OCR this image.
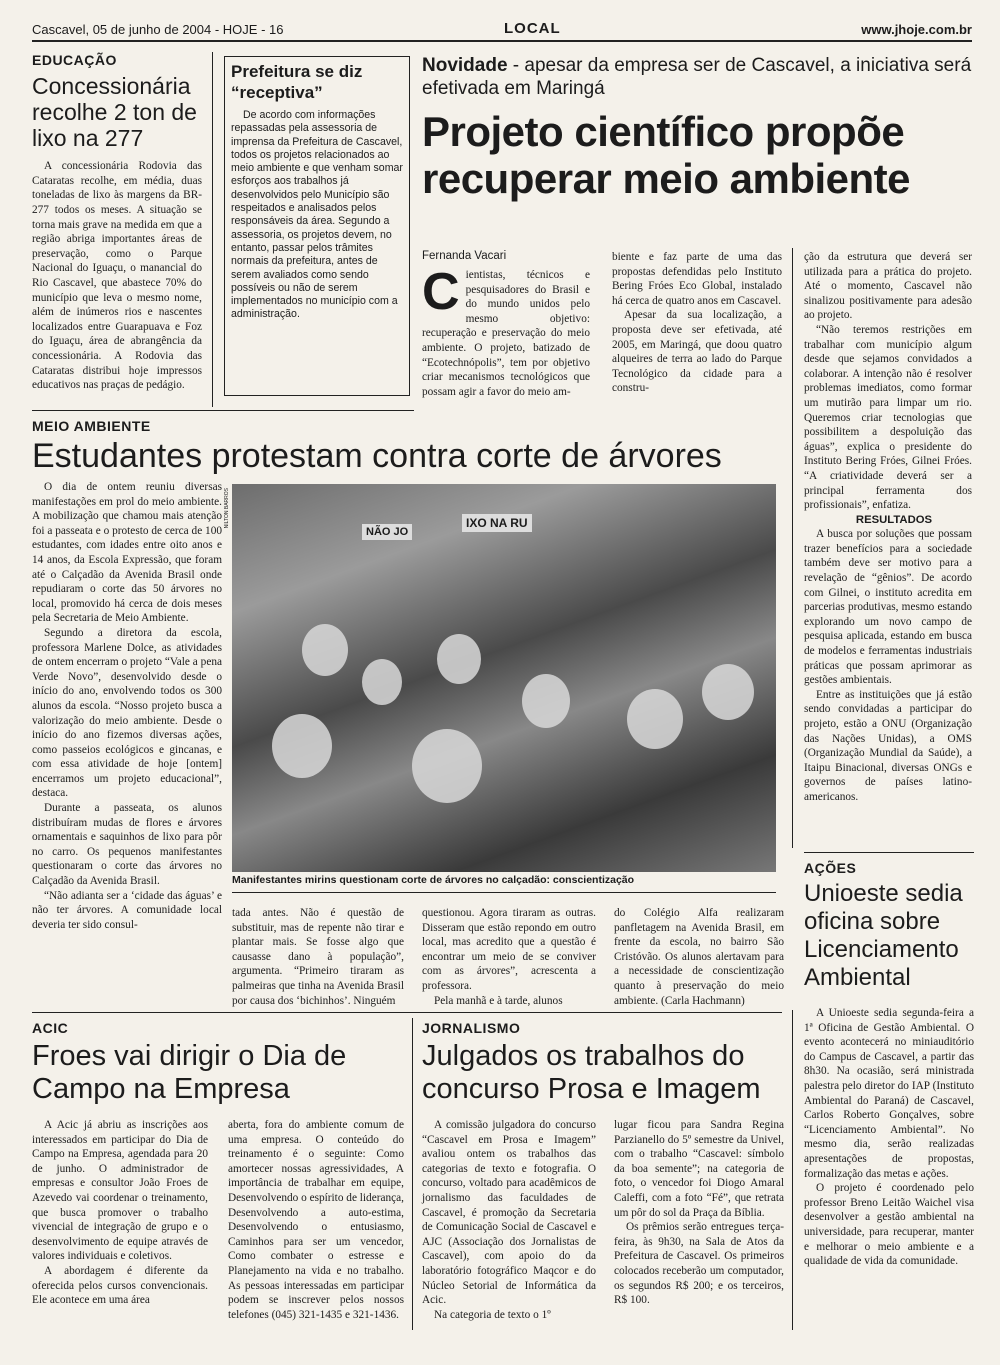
Cascavel, 05 de junho de 2004 - HOJE - 16	LOCAL	www.jhoje.com.br
EDUCAÇÃO
Concessionária recolhe 2 ton de lixo na 277

A concessionária Rodovia das Cataratas recolhe, em média, duas toneladas de lixo às margens da BR-277 todos os meses. A situação se torna mais grave na medida em que a região abriga importantes áreas de preservação, como o Parque Nacional do Iguaçu, o manancial do Rio Cascavel, que abastece 70% do município que leva o mesmo nome, além de inúmeros rios e nascentes localizados entre Guarapuava e Foz do Iguaçu, área de abrangência da concessionária. A Rodovia das Cataratas distribui hoje impressos educativos nas praças de pedágio.

Prefeitura se diz “receptiva”

De acordo com informações repassadas pela assessoria de imprensa da Prefeitura de Cascavel, todos os projetos relacionados ao meio ambiente e que venham somar esforços aos trabalhos já desenvolvidos pelo Município são respeitados e analisados pelos responsáveis da área. Segundo a assessoria, os projetos devem, no entanto, passar pelos trâmites normais da prefeitura, antes de serem avaliados como sendo possíveis ou não de serem implementados no município com a administração.

Novidade - apesar da empresa ser de Cascavel, a iniciativa será efetivada em Maringá
Projeto científico propõe recuperar meio ambiente
Fernanda Vacari
C ientistas, técnicos e pesquisadores do Brasil e do mundo unidos pelo mesmo objetivo: recuperação e preservação do meio ambiente. O projeto, batizado de “Ecotechnópolis”, tem por objetivo criar mecanismos tecnológicos que possam agir a favor do meio am-

biente e faz parte de uma das propostas defendidas pelo Instituto Bering Fróes Eco Global, instalado há cerca de quatro anos em Cascavel.

Apesar da sua localização, a proposta deve ser efetivada, até 2005, em Maringá, que doou quatro alqueires de terra ao lado do Parque Tecnológico da cidade para a constru-

ção da estrutura que deverá ser utilizada para a prática do projeto. Até o momento, Cascavel não sinalizou positivamente para adesão ao projeto.

“Não teremos restrições em trabalhar com município algum desde que sejamos convidados a colaborar. A intenção não é resolver problemas imediatos, como formar um mutirão para limpar um rio. Queremos criar tecnologias que possibilitem a despoluição das águas”, explica o presidente do Instituto Bering Fróes, Gilnei Fróes. “A criatividade deverá ser a principal ferramenta dos profissionais”, enfatiza.

RESULTADOS

A busca por soluções que possam trazer benefícios para a sociedade também deve ser motivo para a revelação de “gênios”. De acordo com Gilnei, o instituto acredita em parcerias produtivas, mesmo estando explorando um novo campo de pesquisa aplicada, estando em busca de modelos e ferramentas industriais práticas que possam aprimorar as gestões ambientais.

Entre as instituições que já estão sendo convidadas a participar do projeto, estão a ONU (Organização das Nações Unidas), a OMS (Organização Mundial da Saúde), a Itaipu Binacional, diversas ONGs e governos de países latino-americanos.

MEIO AMBIENTE
Estudantes protestam contra corte de árvores

O dia de ontem reuniu diversas manifestações em prol do meio ambiente. A mobilização que chamou mais atenção foi a passeata e o protesto de cerca de 100 estudantes, com idades entre oito anos e 14 anos, da Escola Expressão, que foram até o Calçadão da Avenida Brasil onde repudiaram o corte das 50 árvores no local, promovido há cerca de dois meses pela Secretaria de Meio Ambiente.

Segundo a diretora da escola, professora Marlene Dolce, as atividades de ontem encerram o projeto “Vale a pena Verde Novo”, desenvolvido desde o início do ano, envolvendo todos os 300 alunos da escola. “Nosso projeto busca a valorização do meio ambiente. Desde o início do ano fizemos diversas ações, como passeios ecológicos e gincanas, e com essa atividade de hoje [ontem] encerramos um projeto educacional”, destaca.

Durante a passeata, os alunos distribuíram mudas de flores e árvores ornamentais e saquinhos de lixo para pôr no carro. Os pequenos manifestantes questionaram o corte das árvores no Calçadão da Avenida Brasil.

“Não adianta ser a ‘cidade das águas’ e não ter árvores. A comunidade local deveria ter sido consul-

NÃO JO
IXO NA RU
NILTON BARROS
Manifestantes mirins questionam corte de árvores no calçadão: conscientização

tada antes. Não é questão de substituir, mas de repente não tirar e plantar mais. Se fosse algo que causasse dano à população”, argumenta. “Primeiro tiraram as palmeiras que tinha na Avenida Brasil por causa dos ‘bichinhos’. Ninguém

questionou. Agora tiraram as outras. Disseram que estão repondo em outro local, mas acredito que a questão é encontrar um meio de se conviver com as árvores”, acrescenta a professora.

Pela manhã e à tarde, alunos

do Colégio Alfa realizaram panfletagem na Avenida Brasil, em frente da escola, no bairro São Cristóvão. Os alunos alertavam para a necessidade de conscientização quanto à preservação do meio ambiente. (Carla Hachmann)

AÇÕES
Unioeste sedia oficina sobre Licenciamento Ambiental

A Unioeste sedia segunda-feira a 1ª Oficina de Gestão Ambiental. O evento acontecerá no miniauditório do Campus de Cascavel, a partir das 8h30. Na ocasião, será ministrada palestra pelo diretor do IAP (Instituto Ambiental do Paraná) de Cascavel, Carlos Roberto Gonçalves, sobre “Licenciamento Ambiental”. No mesmo dia, serão realizadas apresentações de propostas, formalização das metas e ações.

O projeto é coordenado pelo professor Breno Leitão Waichel visa desenvolver a gestão ambiental na universidade, para recuperar, manter e melhorar o meio ambiente e a qualidade de vida da comunidade.

ACIC
Froes vai dirigir o Dia de Campo na Empresa

A Acic já abriu as inscrições aos interessados em participar do Dia de Campo na Empresa, agendada para 20 de junho. O administrador de empresas e consultor João Froes de Azevedo vai coordenar o treinamento, que busca promover o trabalho vivencial de integração de grupo e o desenvolvimento de equipe através de valores individuais e coletivos.

A abordagem é diferente da oferecida pelos cursos convencionais. Ele acontece em uma área

aberta, fora do ambiente comum de uma empresa. O conteúdo do treinamento é o seguinte: Como amortecer nossas agressividades, A importância de trabalhar em equipe, Desenvolvendo o espírito de liderança, Desenvolvendo a auto-estima, Desenvolvendo o entusiasmo, Caminhos para ser um vencedor, Como combater o estresse e Planejamento na vida e no trabalho. As pessoas interessadas em participar podem se inscrever pelos nossos telefones (045) 321-1435 e 321-1436.

JORNALISMO
Julgados os trabalhos do concurso Prosa e Imagem

A comissão julgadora do concurso “Cascavel em Prosa e Imagem” avaliou ontem os trabalhos das categorias de texto e fotografia. O concurso, voltado para acadêmicos de jornalismo das faculdades de Cascavel, é promoção da Secretaria de Comunicação Social de Cascavel e AJC (Associação dos Jornalistas de Cascavel), com apoio do da laboratório fotográfico Maqcor e do Núcleo Setorial de Informática da Acic.

Na categoria de texto o 1º

lugar ficou para Sandra Regina Parzianello do 5º semestre da Univel, com o trabalho “Cascavel: símbolo da boa semente”; na categoria de foto, o vencedor foi Diogo Amaral Caleffi, com a foto “Fé”, que retrata um pôr do sol da Praça da Bíblia.

Os prêmios serão entregues terça-feira, às 9h30, na Sala de Atos da Prefeitura de Cascavel. Os primeiros colocados receberão um computador, os segundos R$ 200; e os terceiros, R$ 100.
